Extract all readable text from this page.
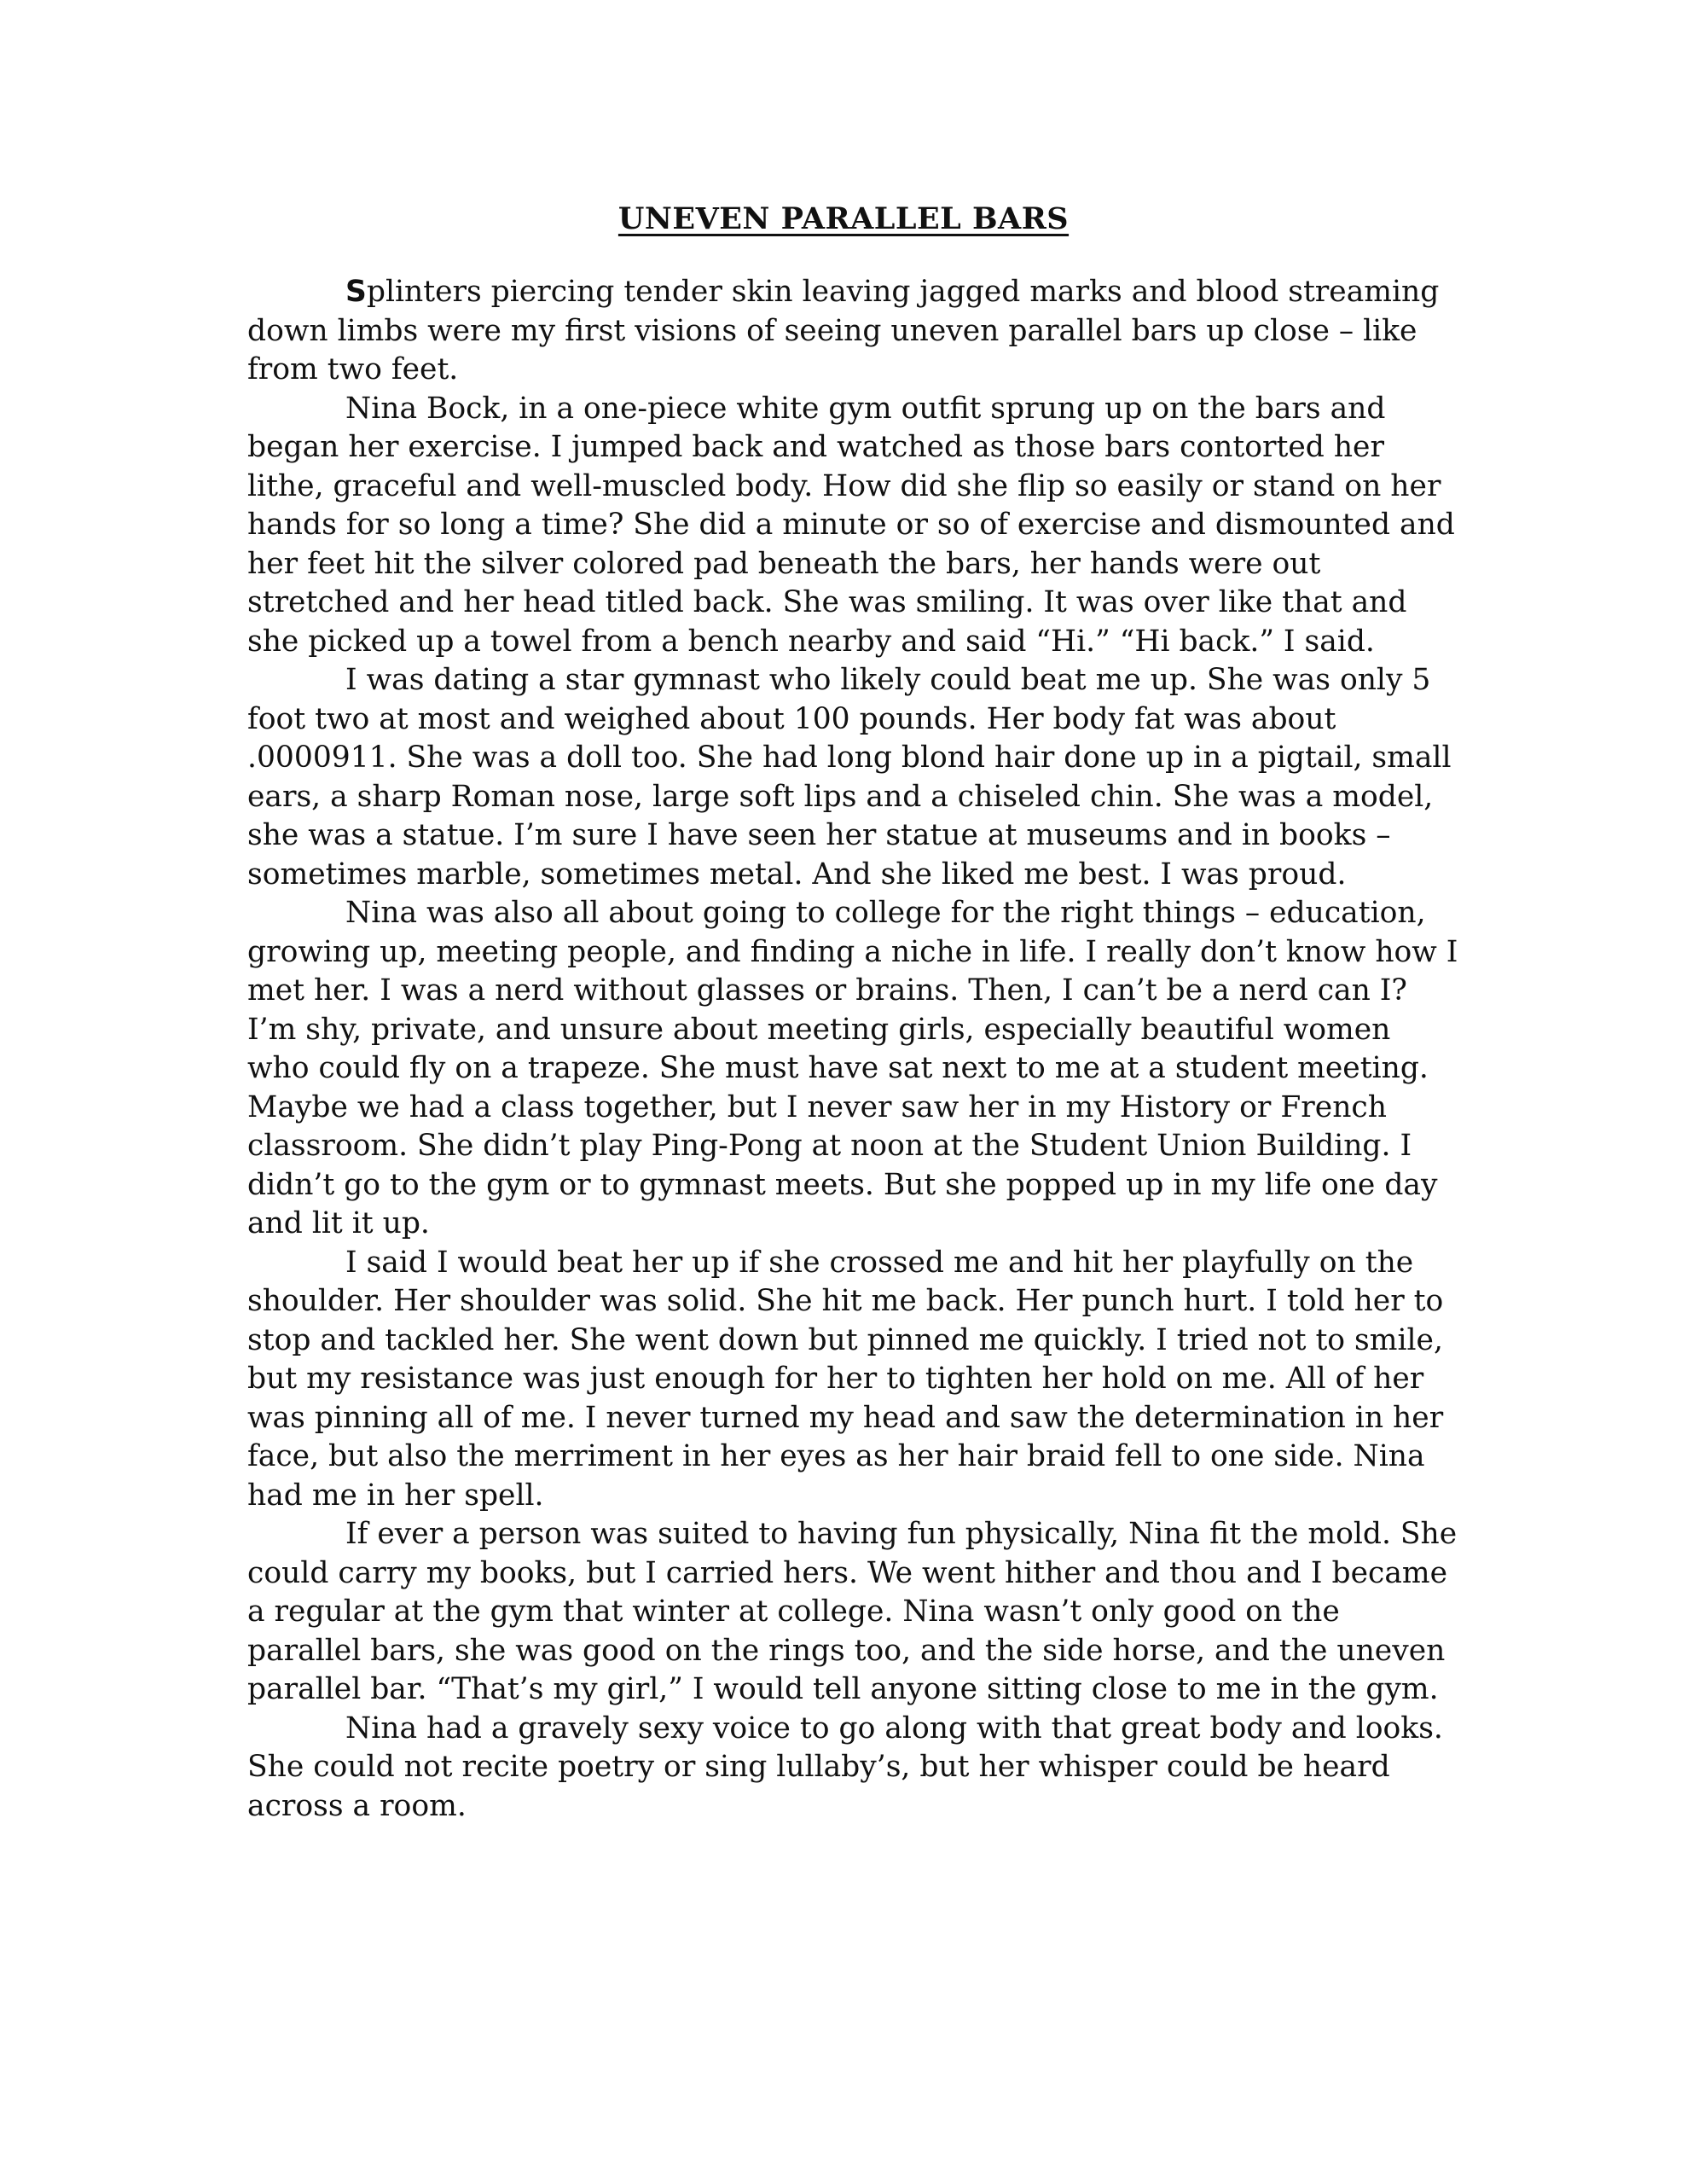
UNEVEN PARALLEL BARS

Splinters piercing tender skin leaving jagged marks and blood streaming down limbs were my first visions of seeing uneven parallel bars up close – like from two feet.

Nina Bock, in a one-piece white gym outfit sprung up on the bars and began her exercise. I jumped back and watched as those bars contorted her lithe, graceful and well-muscled body. How did she flip so easily or stand on her hands for so long a time? She did a minute or so of exercise and dismounted and her feet hit the silver colored pad beneath the bars, her hands were out stretched and her head titled back. She was smiling. It was over like that and she picked up a towel from a bench nearby and said “Hi.” “Hi back.” I said.

I was dating a star gymnast who likely could beat me up. She was only 5 foot two at most and weighed about 100 pounds. Her body fat was about .0000911. She was a doll too. She had long blond hair done up in a pigtail, small ears, a sharp Roman nose, large soft lips and a chiseled chin. She was a model, she was a statue. I’m sure I have seen her statue at museums and in books – sometimes marble, sometimes metal. And she liked me best. I was proud.

Nina was also all about going to college for the right things – education, growing up, meeting people, and finding a niche in life. I really don’t know how I met her. I was a nerd without glasses or brains. Then, I can’t be a nerd can I? I’m shy, private, and unsure about meeting girls, especially beautiful women who could fly on a trapeze. She must have sat next to me at a student meeting. Maybe we had a class together, but I never saw her in my History or French classroom. She didn’t play Ping-Pong at noon at the Student Union Building. I didn’t go to the gym or to gymnast meets. But she popped up in my life one day and lit it up.

I said I would beat her up if she crossed me and hit her playfully on the shoulder. Her shoulder was solid. She hit me back. Her punch hurt. I told her to stop and tackled her. She went down but pinned me quickly. I tried not to smile, but my resistance was just enough for her to tighten her hold on me. All of her was pinning all of me. I never turned my head and saw the determination in her face, but also the merriment in her eyes as her hair braid fell to one side. Nina had me in her spell.

If ever a person was suited to having fun physically, Nina fit the mold. She could carry my books, but I carried hers. We went hither and thou and I became a regular at the gym that winter at college. Nina wasn’t only good on the parallel bars, she was good on the rings too, and the side horse, and the uneven parallel bar. “That’s my girl,” I would tell anyone sitting close to me in the gym.

Nina had a gravely sexy voice to go along with that great body and looks. She could not recite poetry or sing lullaby’s, but her whisper could be heard across a room.
